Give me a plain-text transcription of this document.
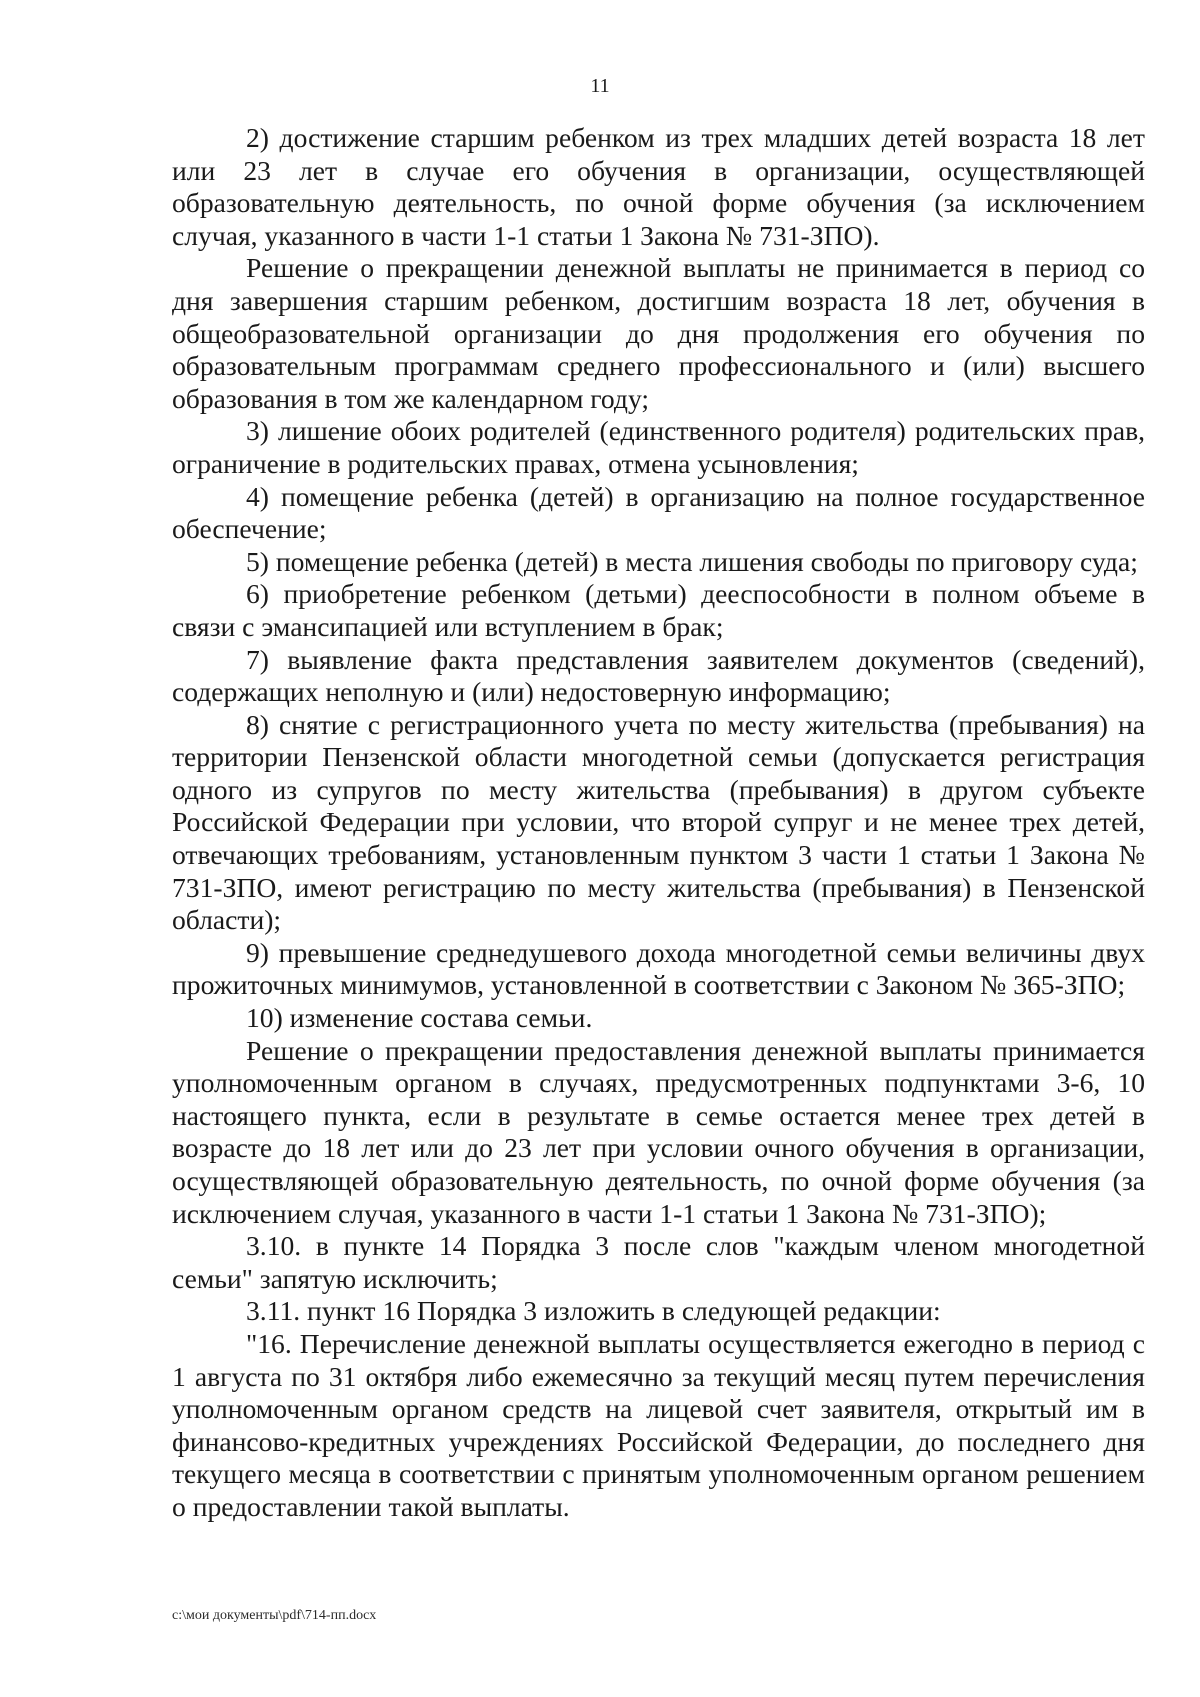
11

2) достижение старшим ребенком из трех младших детей возраста 18 лет или 23 лет в случае его обучения в организации, осуществляющей образовательную деятельность, по очной форме обучения (за исключением случая, указанного в части 1-1 статьи 1 Закона № 731-ЗПО).

Решение о прекращении денежной выплаты не принимается в период со дня завершения старшим ребенком, достигшим возраста 18 лет, обучения в общеобразовательной организации до дня продолжения его обучения по образовательным программам среднего профессионального и (или) высшего образования в том же календарном году;

3) лишение обоих родителей (единственного родителя) родительских прав, ограничение в родительских правах, отмена усыновления;

4) помещение ребенка (детей) в организацию на полное государственное обеспечение;

5) помещение ребенка (детей) в места лишения свободы по приговору суда;

6) приобретение ребенком (детьми) дееспособности в полном объеме в связи с эмансипацией или вступлением в брак;

7) выявление факта представления заявителем документов (сведений), содержащих неполную и (или) недостоверную информацию;

8) снятие с регистрационного учета по месту жительства (пребывания) на территории Пензенской области многодетной семьи (допускается регистрация одного из супругов по месту жительства (пребывания) в другом субъекте Российской Федерации при условии, что второй супруг и не менее трех детей, отвечающих требованиям, установленным пунктом 3 части 1 статьи 1 Закона № 731-ЗПО, имеют регистрацию по месту жительства (пребывания) в Пензенской области);

9) превышение среднедушевого дохода многодетной семьи величины двух прожиточных минимумов, установленной в соответствии с Законом № 365-ЗПО;

10) изменение состава семьи.

Решение о прекращении предоставления денежной выплаты принимается уполномоченным органом в случаях, предусмотренных подпунктами 3-6, 10 настоящего пункта, если в результате в семье остается менее трех детей в возрасте до 18 лет или до 23 лет при условии очного обучения в организации, осуществляющей образовательную деятельность, по очной форме обучения (за исключением случая, указанного в части 1-1 статьи 1 Закона № 731-ЗПО);

3.10. в пункте 14 Порядка 3 после слов "каждым членом многодетной семьи" запятую исключить;

3.11. пункт 16 Порядка 3 изложить в следующей редакции:

"16. Перечисление денежной выплаты осуществляется ежегодно в период с 1 августа по 31 октября либо ежемесячно за текущий месяц путем перечисления уполномоченным органом средств на лицевой счет заявителя, открытый им в финансово-кредитных учреждениях Российской Федерации, до последнего дня текущего месяца в соответствии с принятым уполномоченным органом решением о предоставлении такой выплаты.

c:\мои документы\pdf\714-пп.docx
